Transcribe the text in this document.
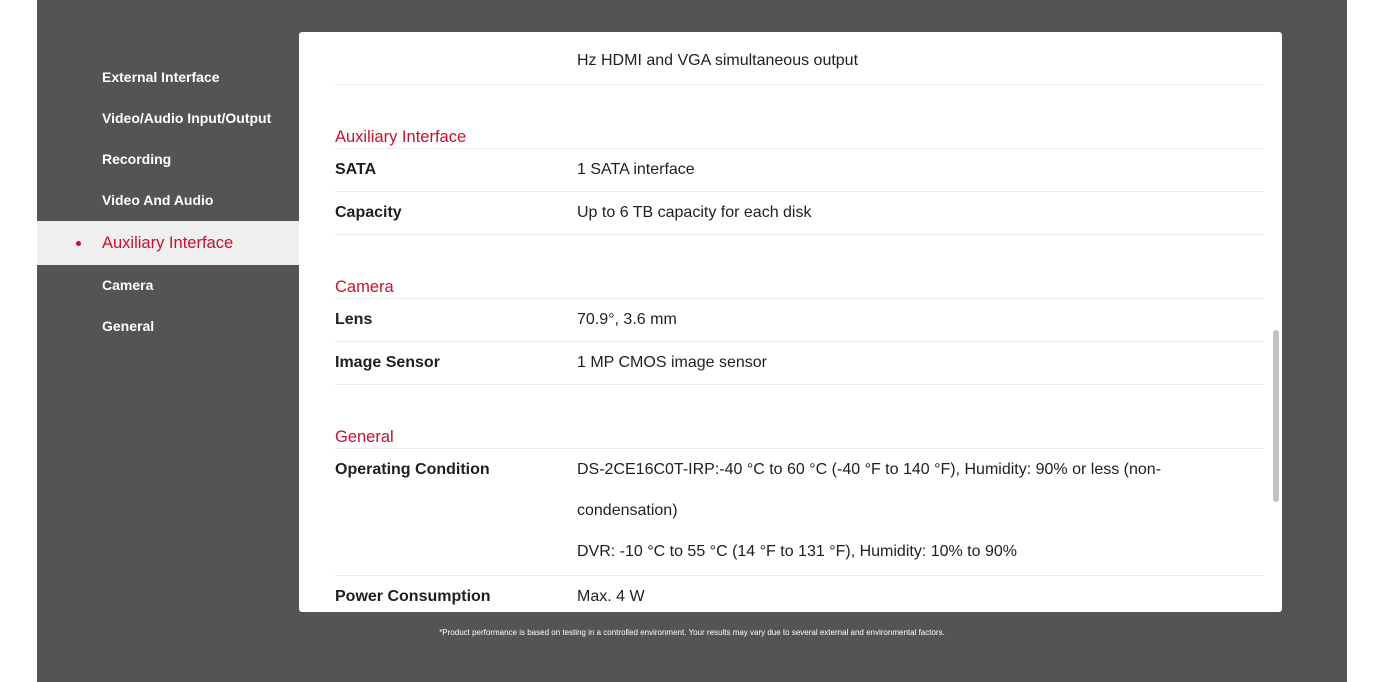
External Interface
Video/Audio Input/Output
Recording
Video And Audio
Auxiliary Interface
Camera
General
Hz HDMI and VGA simultaneous output
Auxiliary Interface
SATA	1 SATA interface
Capacity	Up to 6 TB capacity for each disk
Camera
Lens	70.9°, 3.6 mm
Image Sensor	1 MP CMOS image sensor
General
Operating Condition	DS-2CE16C0T-IRP:-40 °C to 60 °C (-40 °F to 140 °F), Humidity: 90% or less (non-
condensation)
DVR: -10 °C to 55 °C (14 °F to 131 °F), Humidity: 10% to 90%
Power Consumption	Max. 4 W
*Product performance is based on testing in a controlled environment. Your results may vary due to several external and environmental factors.
